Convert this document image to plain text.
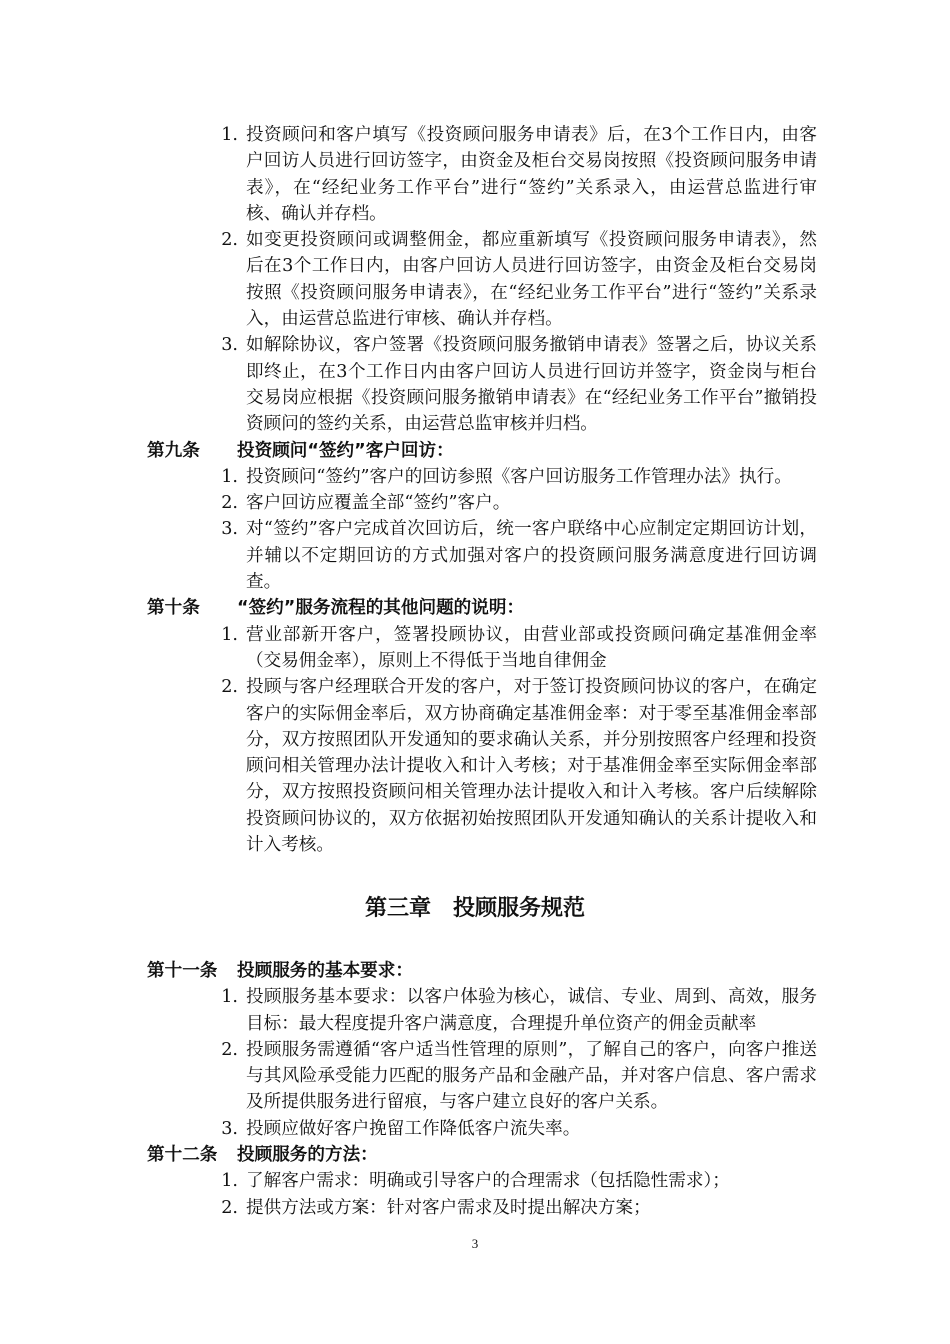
1. 投资顾问和客户填写《投资顾问服务申请表》后，在3个工作日内，由客户回访人员进行回访签字，由资金及柜台交易岗按照《投资顾问服务申请表》，在“经纪业务工作平台”进行“签约”关系录入，由运营总监进行审核、确认并存档。
2. 如变更投资顾问或调整佣金，都应重新填写《投资顾问服务申请表》，然后在3个工作日内，由客户回访人员进行回访签字，由资金及柜台交易岗按照《投资顾问服务申请表》，在“经纪业务工作平台”进行“签约”关系录入，由运营总监进行审核、确认并存档。
3. 如解除协议，客户签署《投资顾问服务撤销申请表》签署之后，协议关系即终止，在3个工作日内由客户回访人员进行回访并签字，资金岗与柜台交易岗应根据《投资顾问服务撤销申请表》在“经纪业务工作平台”撤销投资顾问的签约关系，由运营总监审核并归档。
第九条	投资顾问“签约”客户回访：
1. 投资顾问“签约”客户的回访参照《客户回访服务工作管理办法》执行。
2. 客户回访应覆盖全部“签约”客户。
3. 对“签约”客户完成首次回访后，统一客户联络中心应制定定期回访计划，并辅以不定期回访的方式加强对客户的投资顾问服务满意度进行回访调查。
第十条	“签约”服务流程的其他问题的说明：
1. 营业部新开客户，签署投顾协议，由营业部或投资顾问确定基准佣金率（交易佣金率），原则上不得低于当地自律佣金
2. 投顾与客户经理联合开发的客户，对于签订投资顾问协议的客户，在确定客户的实际佣金率后，双方协商确定基准佣金率：对于零至基准佣金率部分，双方按照团队开发通知的要求确认关系，并分别按照客户经理和投资顾问相关管理办法计提收入和计入考核；对于基准佣金率至实际佣金率部分，双方按照投资顾问相关管理办法计提收入和计入考核。客户后续解除投资顾问协议的，双方依据初始按照团队开发通知确认的关系计提收入和计入考核。
第三章　投顾服务规范
第十一条	投顾服务的基本要求：
1. 投顾服务基本要求：以客户体验为核心，诚信、专业、周到、高效，服务目标：最大程度提升客户满意度，合理提升单位资产的佣金贡献率
2. 投顾服务需遵循“客户适当性管理的原则”，了解自己的客户，向客户推送与其风险承受能力匹配的服务产品和金融产品，并对客户信息、客户需求及所提供服务进行留痕，与客户建立良好的客户关系。
3. 投顾应做好客户挽留工作降低客户流失率。
第十二条	投顾服务的方法：
1. 了解客户需求：明确或引导客户的合理需求（包括隐性需求）；
2. 提供方法或方案：针对客户需求及时提出解决方案；
3
